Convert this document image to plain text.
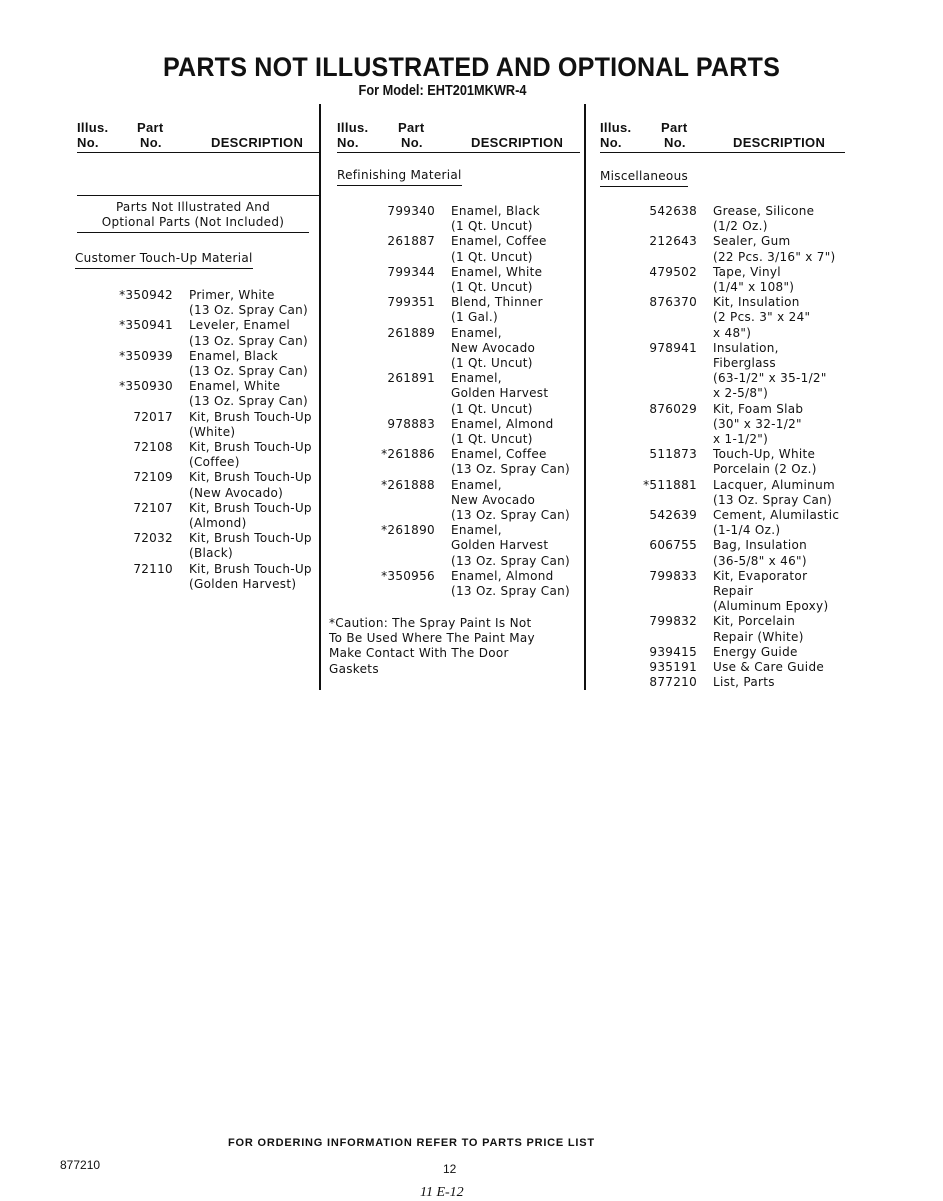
PARTS NOT ILLUSTRATED AND OPTIONAL PARTS
For Model: EHT201MKWR-4
Illus.
No.
Part
No.	DESCRIPTION
Parts Not Illustrated And
Optional Parts (Not Included)
Customer Touch-Up Material
*350942 Primer, White
(13 Oz. Spray Can)
*350941 Leveler, Enamel
(13 Oz. Spray Can)
*350939 Enamel, Black
(13 Oz. Spray Can)
*350930 Enamel, White
(13 Oz. Spray Can)
72017 Kit, Brush Touch-Up
(White)
72108 Kit, Brush Touch-Up
(Coffee)
72109 Kit, Brush Touch-Up
(New Avocado)
72107 Kit, Brush Touch-Up
(Almond)
72032 Kit, Brush Touch-Up
(Black)
72110 Kit, Brush Touch-Up
(Golden Harvest)
Illus.
No.
Part
No.	DESCRIPTION
Refinishing Material
799340 Enamel, Black
(1 Qt. Uncut)
261887 Enamel, Coffee
(1 Qt. Uncut)
799344 Enamel, White
(1 Qt. Uncut)
799351 Blend, Thinner
(1 Gal.)
261889 Enamel,
New Avocado
(1 Qt. Uncut)
261891 Enamel,
Golden Harvest
(1 Qt. Uncut)
978883 Enamel, Almond
(1 Qt. Uncut)
*261886 Enamel, Coffee
(13 Oz. Spray Can)
*261888 Enamel,
New Avocado
(13 Oz. Spray Can)
*261890 Enamel,
Golden Harvest
(13 Oz. Spray Can)
*350956 Enamel, Almond
(13 Oz. Spray Can)
*Caution: The Spray Paint Is Not
To Be Used Where The Paint May
Make Contact With The Door
Gaskets
Illus.
No.
Part
No.	DESCRIPTION
Miscellaneous
542638 Grease, Silicone
(1/2 Oz.)
212643 Sealer, Gum
(22 Pcs. 3/16" x 7")
479502 Tape, Vinyl
(1/4" x 108")
876370 Kit, Insulation
(2 Pcs. 3" x 24"
x 48")
978941 Insulation,
Fiberglass
(63-1/2" x 35-1/2"
x 2-5/8")
876029 Kit, Foam Slab
(30" x 32-1/2"
x 1-1/2")
511873 Touch-Up, White
Porcelain (2 Oz.)
*511881 Lacquer, Aluminum
(13 Oz. Spray Can)
542639 Cement, Alumilastic
(1-1/4 Oz.)
606755 Bag, Insulation
(36-5/8" x 46")
799833 Kit, Evaporator
Repair
(Aluminum Epoxy)
799832 Kit, Porcelain
Repair (White)
939415 Energy Guide
935191 Use & Care Guide
877210 List, Parts
FOR ORDERING INFORMATION REFER TO PARTS PRICE LIST
877210	12
11 E-12
